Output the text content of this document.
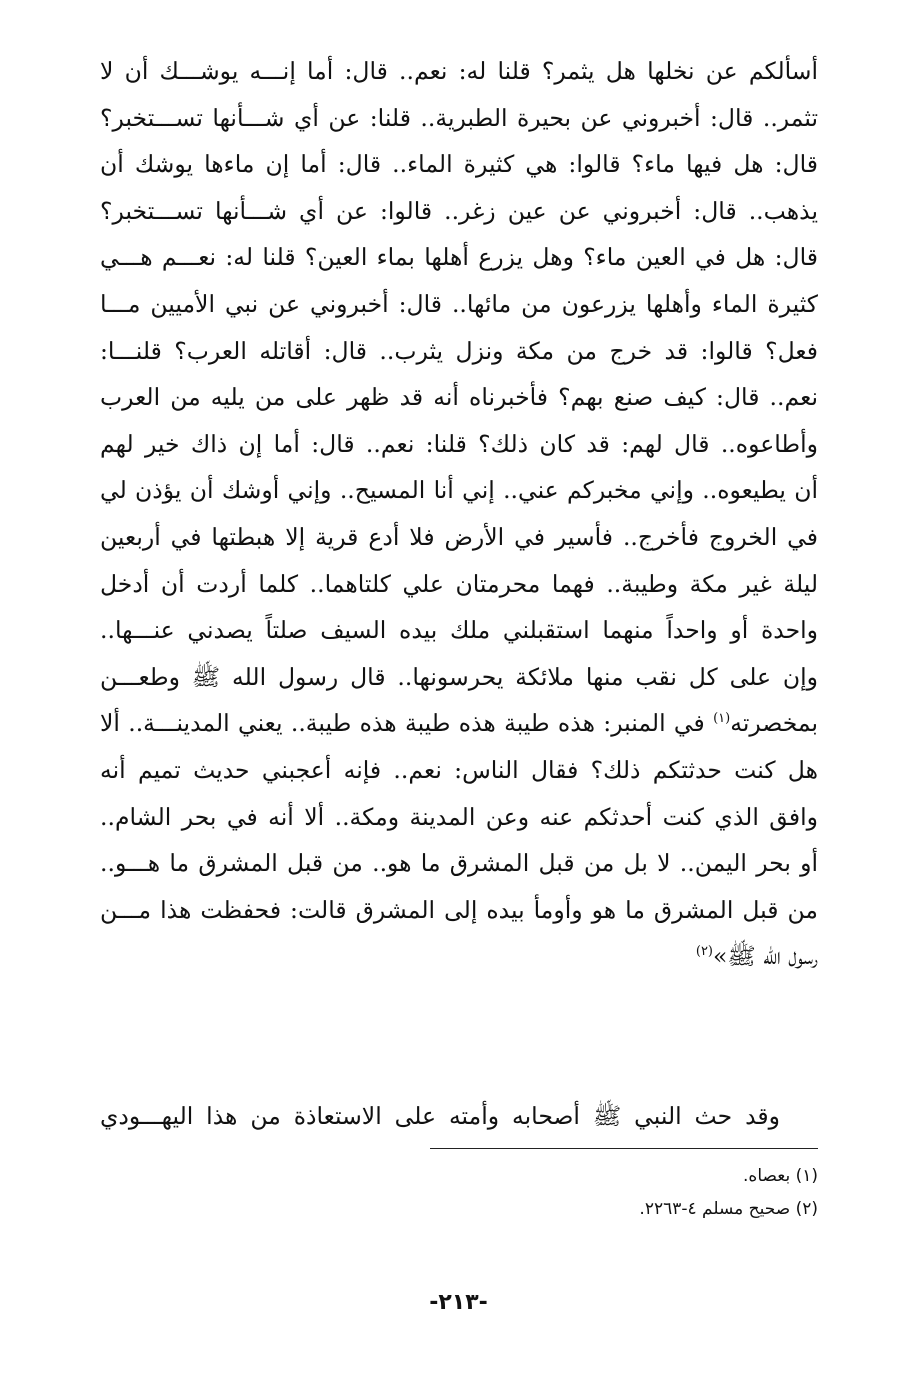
أسألكم عن نخلها هل يثمر؟ قلنا له: نعم.. قال: أما إنـــه يوشـــك أن لا
تثمر.. قال: أخبروني عن بحيرة الطبرية.. قلنا: عن أي شـــأنها تســـتخبر؟
قال: هل فيها ماء؟ قالوا: هي كثيرة الماء.. قال: أما إن ماءها يوشك أن
يذهب.. قال: أخبروني عن عين زغر.. قالوا: عن أي شـــأنها تســـتخبر؟
قال: هل في العين ماء؟ وهل يزرع أهلها بماء العين؟ قلنا له: نعـــم هـــي
كثيرة الماء وأهلها يزرعون من مائها.. قال: أخبروني عن نبي الأميين مـــا
فعل؟ قالوا: قد خرج من مكة ونزل يثرب.. قال: أقاتله العرب؟ قلنـــا:
نعم.. قال: كيف صنع بهم؟ فأخبرناه أنه قد ظهر على من يليه من العرب
وأطاعوه.. قال لهم: قد كان ذلك؟ قلنا: نعم.. قال: أما إن ذاك خير لهم
أن يطيعوه.. وإني مخبركم عني.. إني أنا المسيح.. وإني أوشك أن يؤذن لي
في الخروج فأخرج.. فأسير في الأرض فلا أدع قرية إلا هبطتها في أربعين
ليلة غير مكة وطيبة.. فهما محرمتان علي كلتاهما.. كلما أردت أن أدخل
واحدة أو واحداً منهما استقبلني ملك بيده السيف صلتاً يصدني عنـــها..
وإن على كل نقب منها ملائكة يحرسونها.. قال رسول الله ﷺ وطعـــن
بمخصرته$^{(١)}$ في المنبر: هذه طيبة هذه طيبة هذه طيبة.. يعني المدينـــة.. ألا
هل كنت حدثتكم ذلك؟ فقال الناس: نعم.. فإنه أعجبني حديث تميم أنه
وافق الذي كنت أحدثكم عنه وعن المدينة ومكة.. ألا أنه في بحر الشام..
أو بحر اليمن.. لا بل من قبل المشرق ما هو.. من قبل المشرق ما هـــو..
من قبل المشرق ما هو وأومأ بيده إلى المشرق قالت: فحفظت هذا مـــن
رسول الله ﷺ»$^{(٢)}$
وقد حث النبي ﷺ أصحابه وأمته على الاستعاذة من هذا اليهـــودي
(١) بعصاه.
(٢) صحيح مسلم ٤-٢٢٦٣.
-٢١٣-
